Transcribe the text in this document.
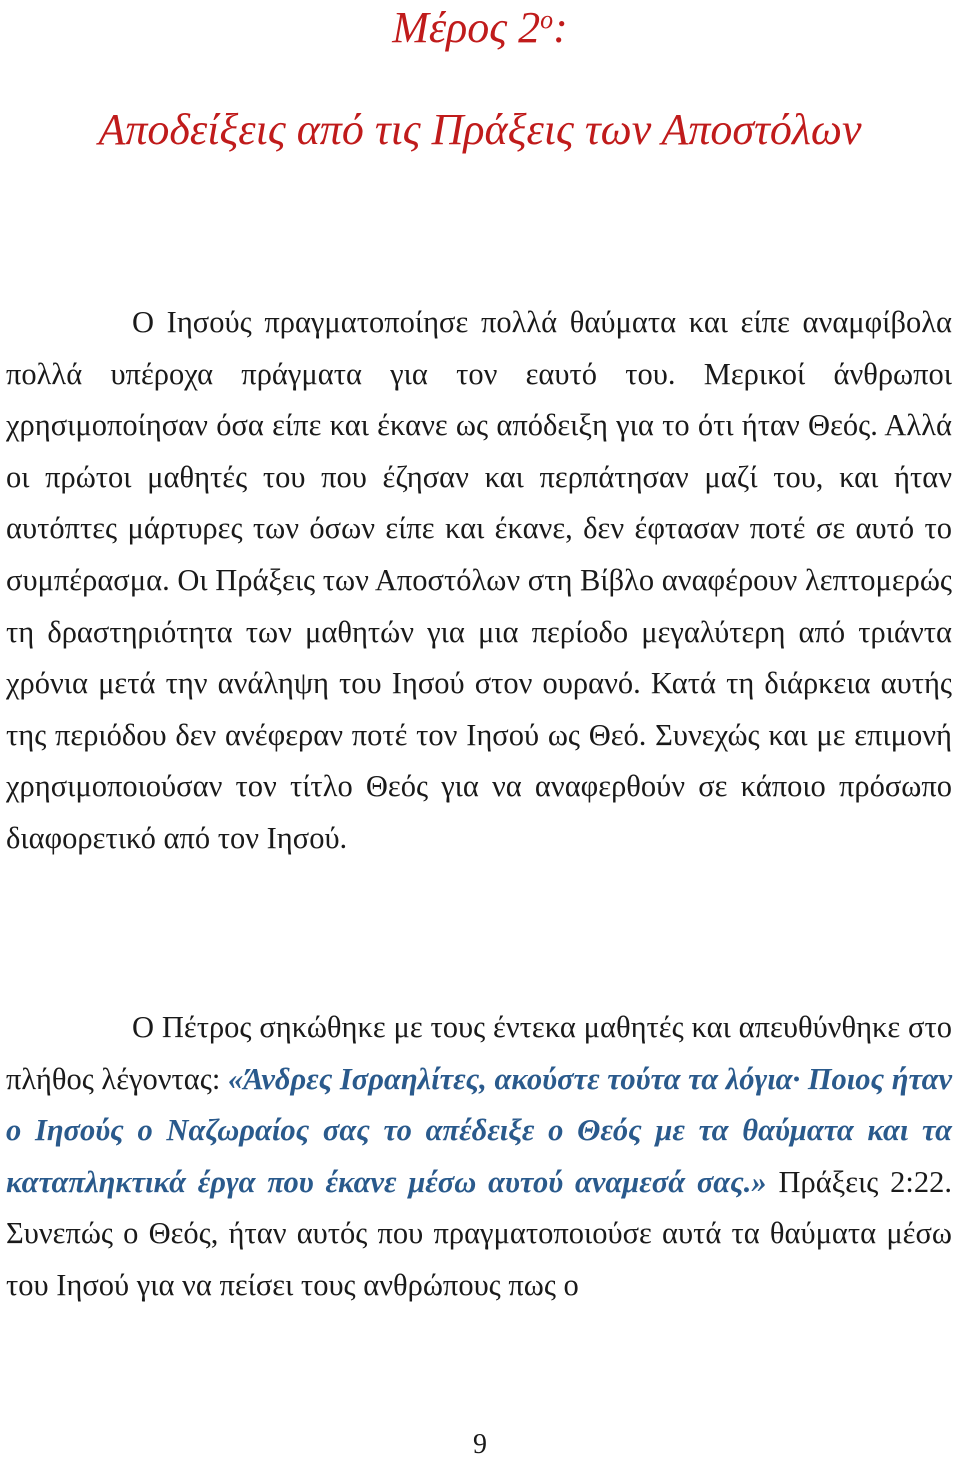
Μέρος $2^o$:
Αποδείξεις από τις Πράξεις των Αποστόλων

Ο Ιησούς πραγματοποίησε πολλά θαύματα και είπε αναμφίβολα πολλά υπέροχα πράγματα για τον εαυτό του. Μερικοί άνθρωποι χρησιμοποίησαν όσα είπε και έκανε ως απόδειξη για το ότι ήταν Θεός. Αλλά οι πρώτοι μαθητές του που έζησαν και περπάτησαν μαζί του, και ήταν αυτόπτες μάρτυρες των όσων είπε και έκανε, δεν έφτασαν ποτέ σε αυτό το συμπέρασμα. Οι Πράξεις των Αποστόλων στη Βίβλο αναφέρουν λεπτομερώς τη δραστηριότητα των μαθητών για μια περίοδο μεγαλύτερη από τριάντα χρόνια μετά την ανάληψη του Ιησού στον ουρανό. Κατά τη διάρκεια αυτής της περιόδου δεν ανέφεραν ποτέ τον Ιησού ως Θεό. Συνεχώς και με επιμονή χρησιμοποιούσαν τον τίτλο Θεός για να αναφερθούν σε κάποιο πρόσωπο διαφορετικό από τον Ιησού.

Ο Πέτρος σηκώθηκε με τους έντεκα μαθητές και απευθύνθηκε στο πλήθος λέγοντας: «Άνδρες Ισραηλίτες, ακούστε τούτα τα λόγια· Ποιος ήταν ο Ιησούς ο Ναζωραίος σας το απέδειξε ο Θεός με τα θαύματα και τα καταπληκτικά έργα που έκανε μέσω αυτού αναμεσά σας.» Πράξεις 2:22. Συνεπώς ο Θεός, ήταν αυτός που πραγματοποιούσε αυτά τα θαύματα μέσω του Ιησού για να πείσει τους ανθρώπους πως ο

9
